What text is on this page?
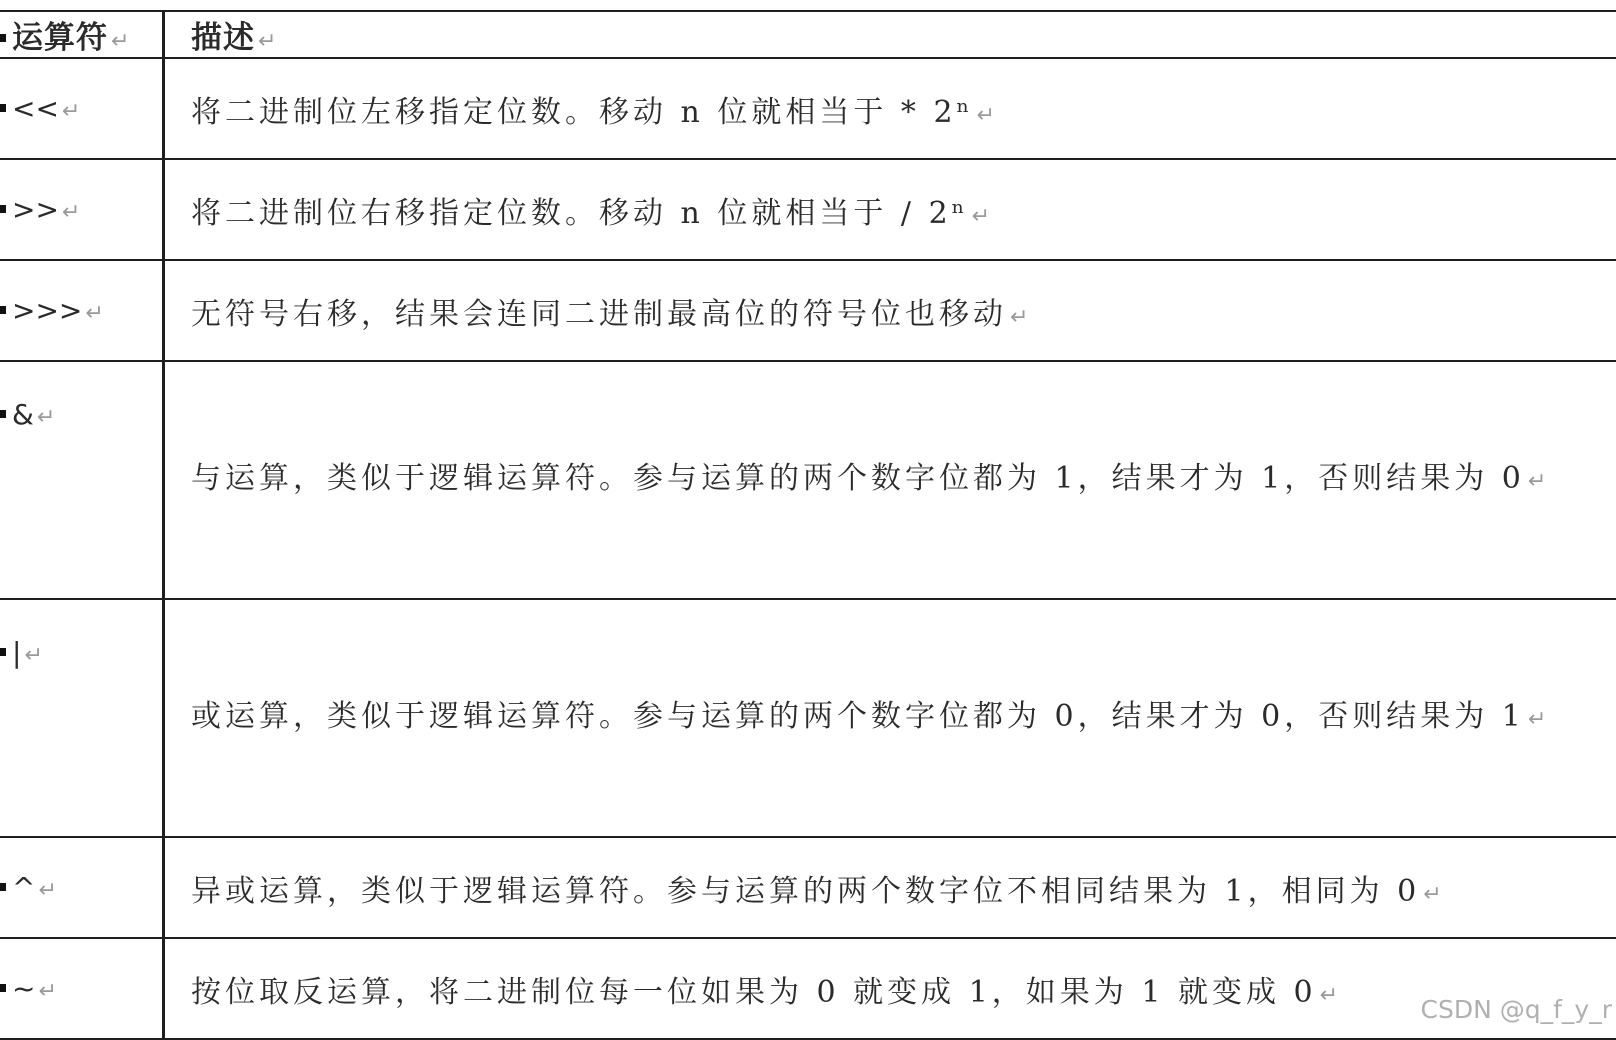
运算符 ↵	描述 ↵
<< ↵	将二进制位左移指定位数。移动 n 位就相当于 * 2ⁿ ↵
>> ↵	将二进制位右移指定位数。移动 n 位就相当于 / 2ⁿ ↵
>>> ↵	无符号右移，结果会连同二进制最高位的符号位也移动 ↵
& ↵	与运算，类似于逻辑运算符。参与运算的两个数字位都为 1，结果才为 1，否则结果为 0 ↵
| ↵	或运算，类似于逻辑运算符。参与运算的两个数字位都为 0，结果才为 0，否则结果为 1 ↵
^ ↵	异或运算，类似于逻辑运算符。参与运算的两个数字位不相同结果为 1，相同为 0 ↵
~ ↵	按位取反运算，将二进制位每一位如果为 0 就变成 1，如果为 1 就变成 0 ↵	CSDN @q_f_y_r
